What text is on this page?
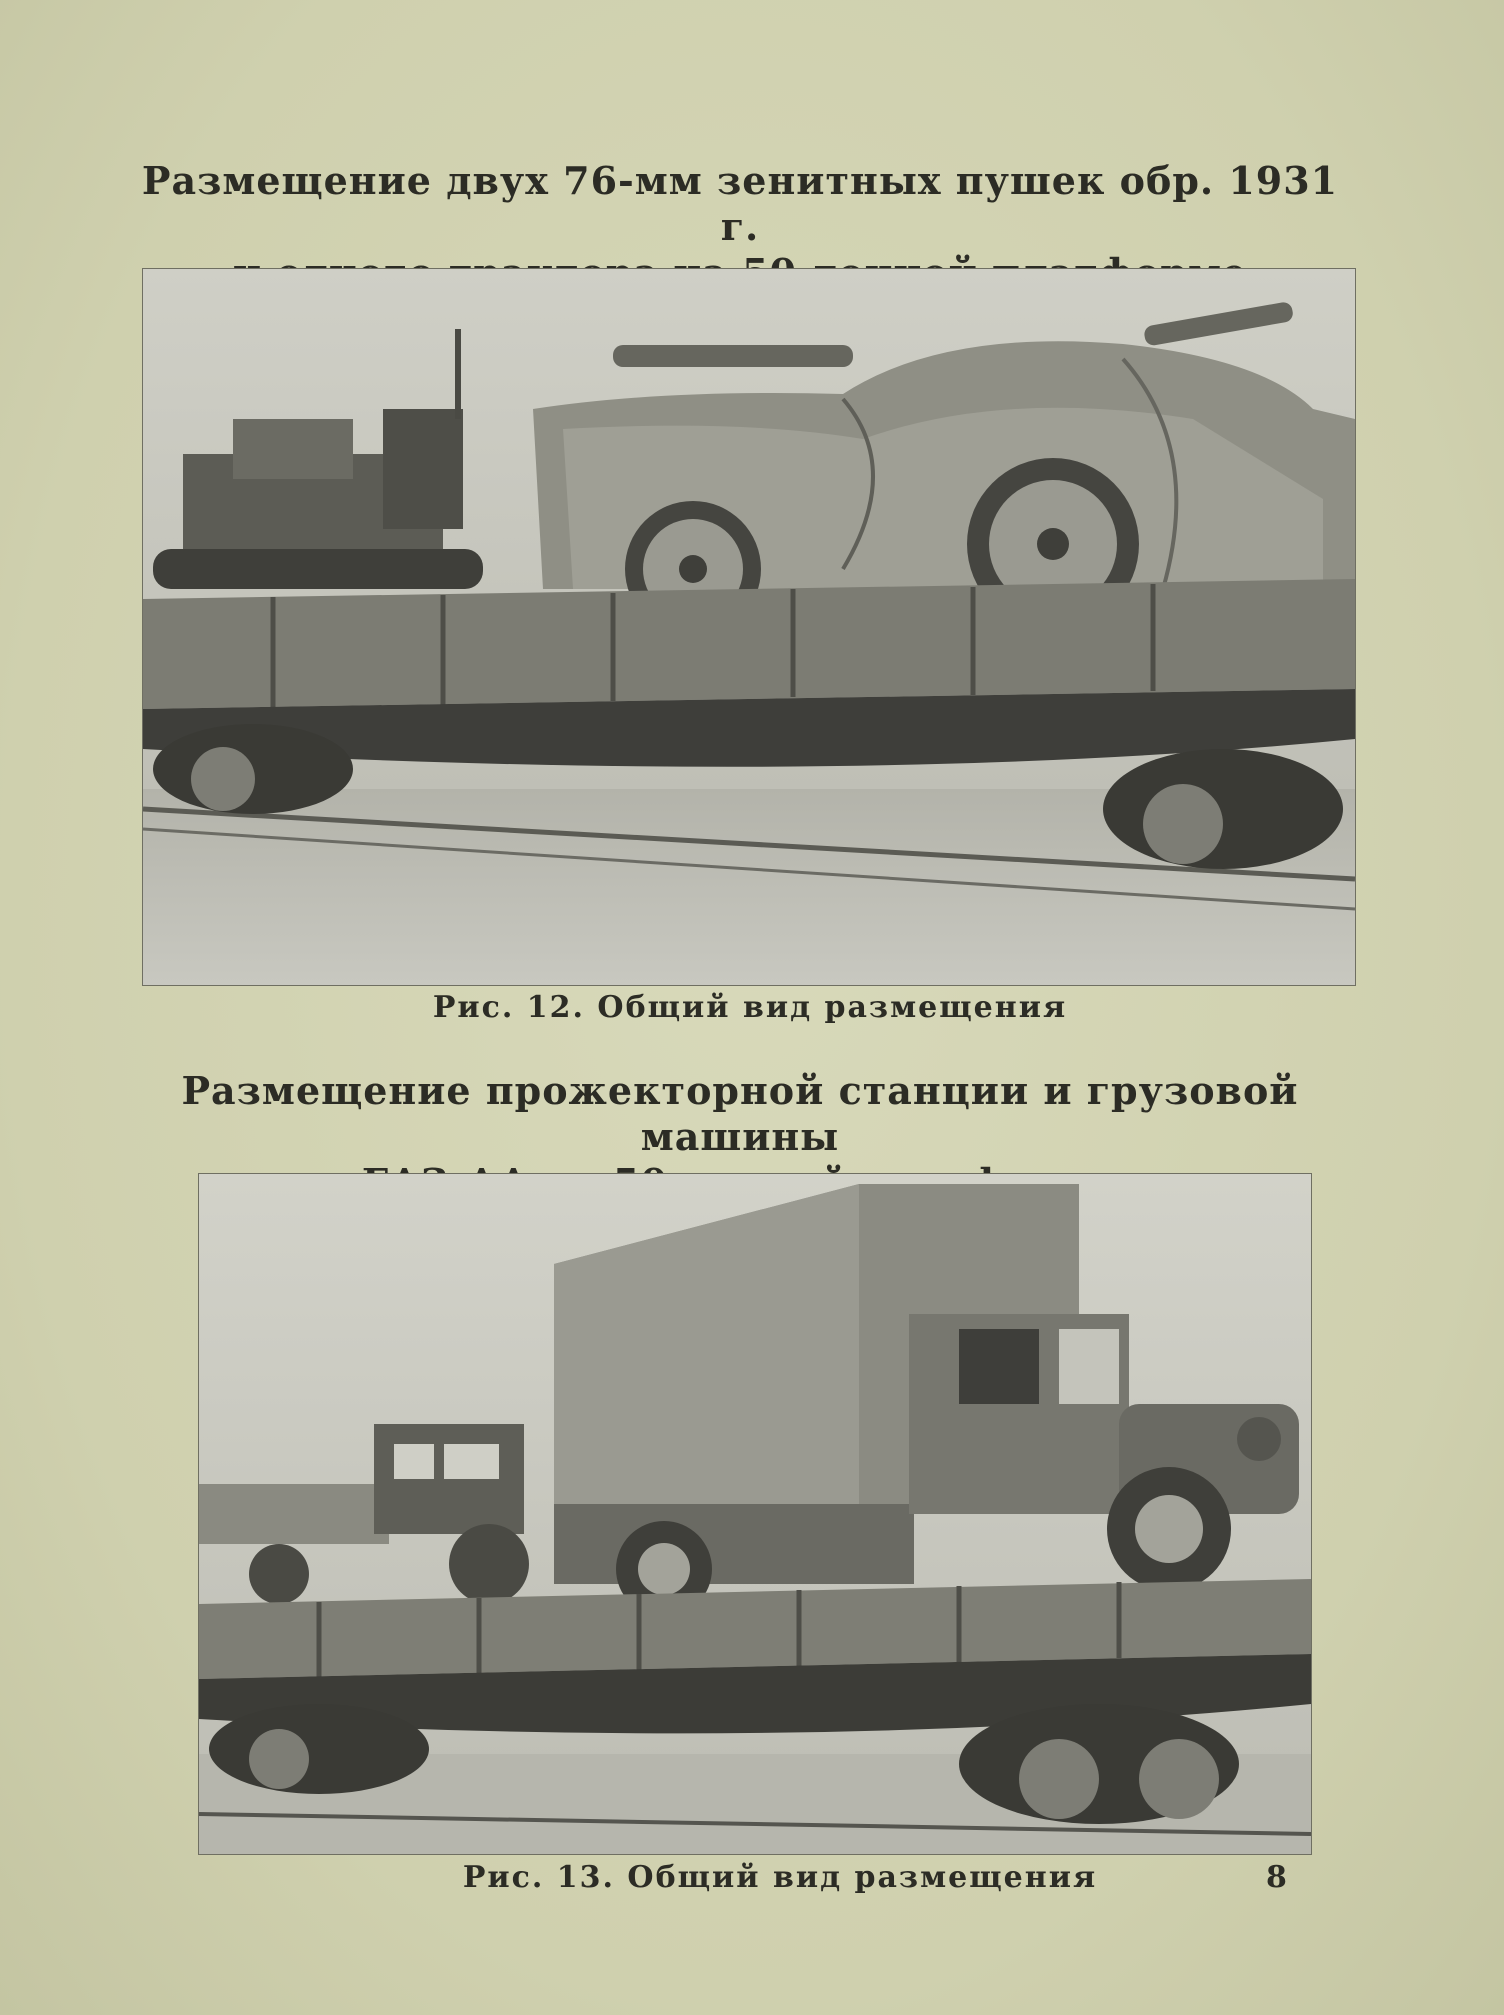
Размещение двух 76-мм зенитных пушек обр. 1931 г.
Рис. 12. Общий вид размещения
Размещение прожекторной станции и грузовой машины
Рис. 13. Общий вид размещения	8
